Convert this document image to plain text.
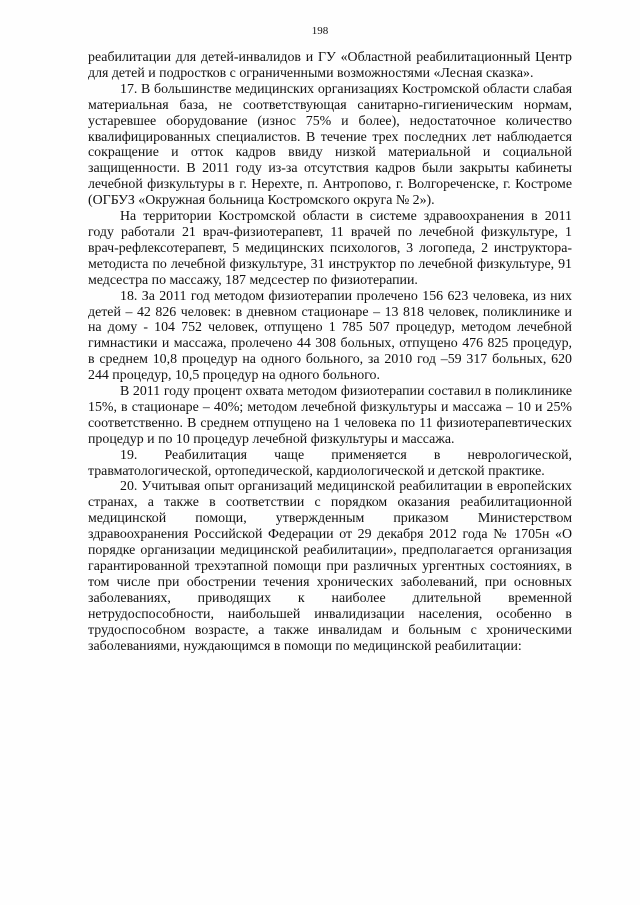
198

реабилитации для детей-инвалидов и ГУ «Областной реабилитационный Центр для детей и подростков с ограниченными возможностями «Лесная сказка».

17. В большинстве медицинских организациях Костромской области слабая материальная база, не соответствующая санитарно-гигиеническим нормам, устаревшее оборудование (износ 75% и более), недостаточное количество квалифицированных специалистов. В течение трех последних лет наблюдается сокращение и отток кадров ввиду низкой материальной и социальной защищенности. В 2011 году из-за отсутствия кадров были закрыты кабинеты лечебной физкультуры в г. Нерехте, п. Антропово, г. Волгореченске, г. Костроме (ОГБУЗ «Окружная больница Костромского округа № 2»).

На территории Костромской области в системе здравоохранения в 2011 году работали 21 врач-физиотерапевт, 11 врачей по лечебной физкультуре, 1 врач-рефлексотерапевт, 5 медицинских психологов, 3 логопеда, 2 инструктора-методиста по лечебной физкультуре, 31 инструктор по лечебной физкультуре, 91 медсестра по массажу, 187 медсестер по физиотерапии.

18. За 2011 год методом физиотерапии пролечено 156 623 человека, из них детей – 42 826 человек: в дневном стационаре – 13 818 человек, поликлинике и на дому - 104 752 человек, отпущено 1 785 507 процедур, методом лечебной гимнастики и массажа, пролечено 44 308 больных, отпущено 476 825 процедур, в среднем 10,8 процедур на одного больного, за 2010 год –59 317 больных, 620 244 процедур, 10,5 процедур на одного больного.

В 2011 году процент охвата методом физиотерапии составил в поликлинике 15%, в стационаре – 40%; методом лечебной физкультуры и массажа – 10 и 25% соответственно. В среднем отпущено на 1 человека по 11 физиотерапевтических процедур и по 10 процедур лечебной физкультуры и массажа.

19. Реабилитация чаще применяется в неврологической, травматологической, ортопедической, кардиологической и детской практике.

20. Учитывая опыт организаций медицинской реабилитации в европейских странах, а также в соответствии с порядком оказания реабилитационной медицинской помощи, утвержденным приказом Министерством здравоохранения Российской Федерации от 29 декабря 2012 года № 1705н «О порядке организации медицинской реабилитации», предполагается организация гарантированной трехэтапной помощи при различных ургентных состояниях, в том числе при обострении течения хронических заболеваний, при основных заболеваниях, приводящих к наиболее длительной временной нетрудоспособности, наибольшей инвалидизации населения, особенно в трудоспособном возрасте, а также инвалидам и больным с хроническими заболеваниями, нуждающимся в помощи по медицинской реабилитации:
